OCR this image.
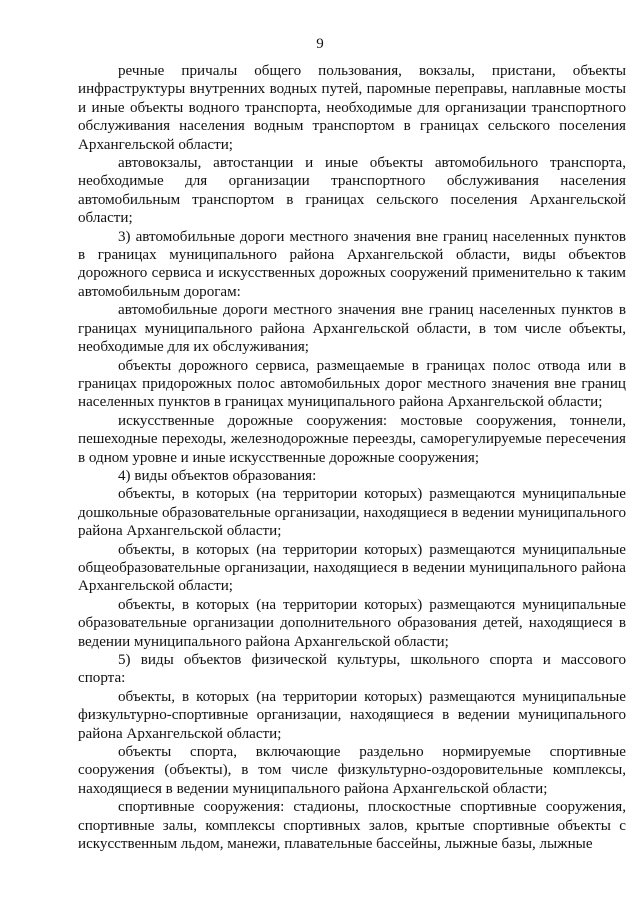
9

речные причалы общего пользования, вокзалы, пристани, объекты инфраструктуры внутренних водных путей, паромные переправы, наплавные мосты и иные объекты водного транспорта, необходимые для организации транспортного обслуживания населения водным транспортом в границах сельского поселения Архангельской области;

автовокзалы, автостанции и иные объекты автомобильного транспорта, необходимые для организации транспортного обслуживания населения автомобильным транспортом в границах сельского поселения Архангельской области;

3) автомобильные дороги местного значения вне границ населенных пунктов в границах муниципального района Архангельской области, виды объектов дорожного сервиса и искусственных дорожных сооружений применительно к таким автомобильным дорогам:

автомобильные дороги местного значения вне границ населенных пунктов в границах муниципального района Архангельской области, в том числе объекты, необходимые для их обслуживания;

объекты дорожного сервиса, размещаемые в границах полос отвода или в границах придорожных полос автомобильных дорог местного значения вне границ населенных пунктов в границах муниципального района Архангельской области;

искусственные дорожные сооружения: мостовые сооружения, тоннели, пешеходные переходы, железнодорожные переезды, саморегулируемые пересечения в одном уровне и иные искусственные дорожные сооружения;

4) виды объектов образования:

объекты, в которых (на территории которых) размещаются муниципальные дошкольные образовательные организации, находящиеся в ведении муниципального района Архангельской области;

объекты, в которых (на территории которых) размещаются муниципальные общеобразовательные организации, находящиеся в ведении муниципального района Архангельской области;

объекты, в которых (на территории которых) размещаются муниципальные образовательные организации дополнительного образования детей, находящиеся в ведении муниципального района Архангельской области;

5) виды объектов физической культуры, школьного спорта и массового спорта:

объекты, в которых (на территории которых) размещаются муниципальные физкультурно-спортивные организации, находящиеся в ведении муниципального района Архангельской области;

объекты спорта, включающие раздельно нормируемые спортивные сооружения (объекты), в том числе физкультурно-оздоровительные комплексы, находящиеся в ведении муниципального района Архангельской области;

спортивные сооружения: стадионы, плоскостные спортивные сооружения, спортивные залы, комплексы спортивных залов, крытые спортивные объекты с искусственным льдом, манежи, плавательные бассейны, лыжные базы, лыжные
